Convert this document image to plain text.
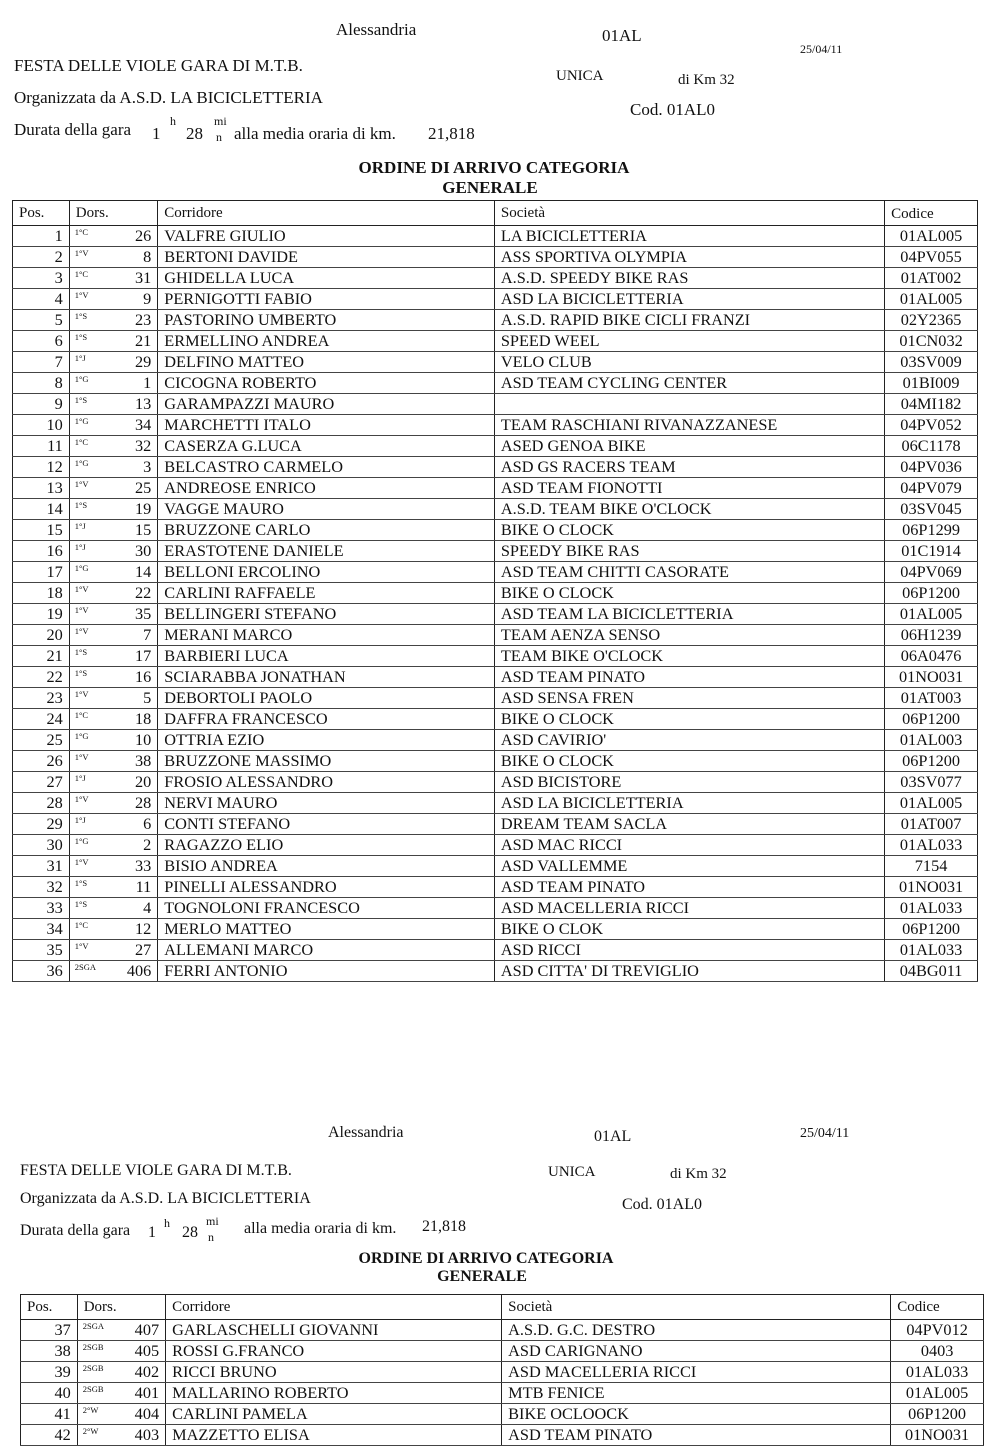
Alessandria	01AL
25/04/11
FESTA DELLE VIOLE GARA DI M.T.B.
UNICA	di Km 32
Organizzata da A.S.D. LA BICICLETTERIA
Cod. 01AL0
Durata della gara 1
h
28
mi
n alla media oraria di km. 21,818
ORDINE DI ARRIVO CATEGORIA
GENERALE
Pos.	Dors.	Corridore	Società	Codice
1	1°C 26	VALFRE GIULIO	LA BICICLETTERIA	01AL005
2	1°V 8	BERTONI DAVIDE	ASS SPORTIVA OLYMPIA	04PV055
3	1°C 31	GHIDELLA LUCA	A.S.D. SPEEDY BIKE RAS	01AT002
4	1°V 9	PERNIGOTTI FABIO	ASD LA BICICLETTERIA	01AL005
5	1°S 23	PASTORINO UMBERTO	A.S.D. RAPID BIKE CICLI FRANZI	02Y2365
6	1°S 21	ERMELLINO ANDREA	SPEED WEEL	01CN032
7	1°J 29	DELFINO MATTEO	VELO CLUB	03SV009
8	1°G 1	CICOGNA ROBERTO	ASD TEAM CYCLING CENTER	01BI009
9	1°S 13	GARAMPAZZI MAURO		04MI182
10	1°G 34	MARCHETTI ITALO	TEAM RASCHIANI RIVANAZZANESE	04PV052
11	1°C 32	CASERZA G.LUCA	ASED GENOA BIKE	06C1178
12	1°G 3	BELCASTRO CARMELO	ASD GS RACERS TEAM	04PV036
13	1°V 25	ANDREOSE ENRICO	ASD TEAM FIONOTTI	04PV079
14	1°S 19	VAGGE MAURO	A.S.D. TEAM BIKE O'CLOCK	03SV045
15	1°J 15	BRUZZONE CARLO	BIKE O CLOCK	06P1299
16	1°J 30	ERASTOTENE DANIELE	SPEEDY BIKE RAS	01C1914
17	1°G 14	BELLONI ERCOLINO	ASD TEAM CHITTI CASORATE	04PV069
18	1°V 22	CARLINI RAFFAELE	BIKE O CLOCK	06P1200
19	1°V 35	BELLINGERI STEFANO	ASD TEAM LA BICICLETTERIA	01AL005
20	1°V 7	MERANI MARCO	TEAM AENZA SENSO	06H1239
21	1°S 17	BARBIERI LUCA	TEAM BIKE O'CLOCK	06A0476
22	1°S 16	SCIARABBA JONATHAN	ASD TEAM PINATO	01NO031
23	1°V 5	DEBORTOLI PAOLO	ASD SENSA FREN	01AT003
24	1°C 18	DAFFRA FRANCESCO	BIKE O CLOCK	06P1200
25	1°G 10	OTTRIA EZIO	ASD CAVIRIO'	01AL003
26	1°V 38	BRUZZONE MASSIMO	BIKE O CLOCK	06P1200
27	1°J 20	FROSIO ALESSANDRO	ASD BICISTORE	03SV077
28	1°V 28	NERVI MAURO	ASD LA BICICLETTERIA	01AL005
29	1°J 6	CONTI STEFANO	DREAM TEAM SACLA	01AT007
30	1°G 2	RAGAZZO ELIO	ASD MAC RICCI	01AL033
31	1°V 33	BISIO ANDREA	ASD VALLEMME	7154
32	1°S 11	PINELLI ALESSANDRO	ASD TEAM PINATO	01NO031
33	1°S 4	TOGNOLONI FRANCESCO	ASD MACELLERIA RICCI	01AL033
34	1°C 12	MERLO MATTEO	BIKE O CLOK	06P1200
35	1°V 27	ALLEMANI MARCO	ASD RICCI	01AL033
36	2SGA 406	FERRI ANTONIO	ASD CITTA' DI TREVIGLIO	04BG011
Alessandria	01AL	25/04/11
FESTA DELLE VIOLE GARA DI M.T.B.	UNICA	di Km 32
Organizzata da A.S.D. LA BICICLETTERIA	Cod. 01AL0
Durata della gara 1
h
28
mi
n alla media oraria di km. 21,818
ORDINE DI ARRIVO CATEGORIA
GENERALE
Pos.	Dors.	Corridore	Società	Codice
37	2SGA 407	GARLASCHELLI GIOVANNI	A.S.D. G.C. DESTRO	04PV012
38	2SGB 405	ROSSI G.FRANCO	ASD CARIGNANO	0403
39	2SGB 402	RICCI BRUNO	ASD MACELLERIA RICCI	01AL033
40	2SGB 401	MALLARINO ROBERTO	MTB FENICE	01AL005
41	2°W 404	CARLINI PAMELA	BIKE OCLOOCK	06P1200
42	2°W 403	MAZZETTO ELISA	ASD TEAM PINATO	01NO031
